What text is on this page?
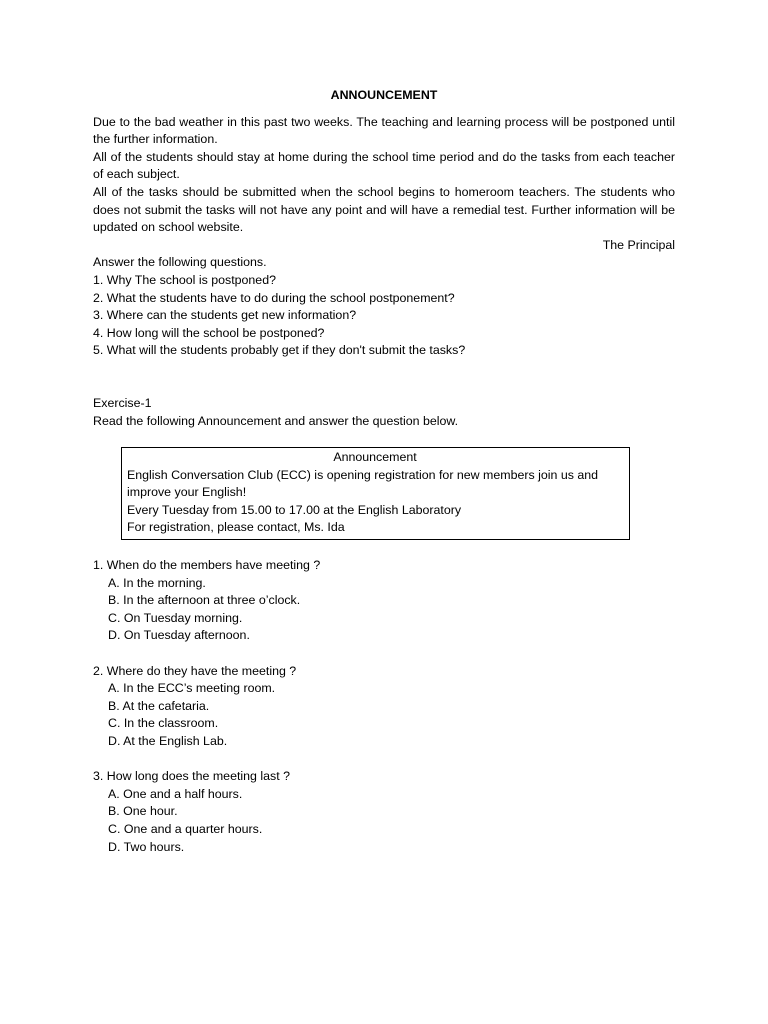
ANNOUNCEMENT
Due to the bad weather in this past two weeks. The teaching and learning process will be postponed until the further information.
All of the students should stay at home during the school time period and do the tasks from each teacher of each subject.
All of the tasks should be submitted when the school begins to homeroom teachers. The students who does not submit the tasks will not have any point and will have a remedial test. Further information will be updated on school website.
The Principal
Answer the following questions.
1. Why The school is postponed?
2. What the students have to do during the school postponement?
3. Where can the students get new information?
4. How long will the school be postponed?
5. What will the students probably get if they don't submit the tasks?
Exercise-1
Read the following Announcement and answer the question below.
Announcement
English Conversation Club (ECC) is opening registration for new members join us and improve your English!
Every Tuesday from 15.00 to 17.00 at the English Laboratory
For registration, please contact, Ms. Ida
1. When do the members have meeting ?
A. In the morning.
B. In the afternoon at three o’clock.
C. On Tuesday morning.
D. On Tuesday afternoon.
2. Where do they have the meeting ?
A. In the ECC’s meeting room.
B. At the cafetaria.
C. In the classroom.
D. At the English Lab.
3. How long does the meeting last ?
A. One and a half hours.
B. One hour.
C. One and a quarter hours.
D. Two hours.
